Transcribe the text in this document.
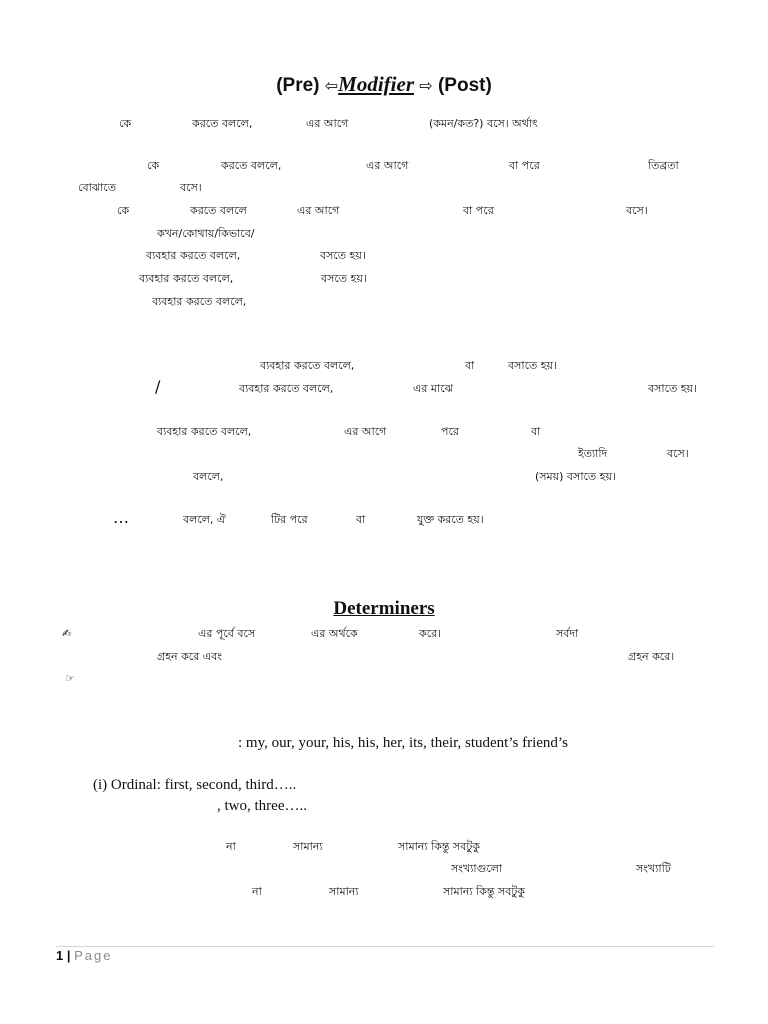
(Pre) ⇦Modifier ⇨ (Post)
কে	করতে বললে,	এর আগে	(কমন/কত?) বসে। অর্থাৎ
কে	করতে বললে,	এর আগে	বা পরে	তিব্রতা
বোঝাতে	বসে।
কে	করতে বললে	এর আগে	বা পরে	বসে।
কখন/কোথায়/কিভাবে/
ব্যবহার করতে বললে,	বসতে হয়।
ব্যবহার করতে বললে,	বসতে হয়।
ব্যবহার করতে বললে,
ব্যবহার করতে বললে,	বা	বসাতে হয়।
/	ব্যবহার করতে বললে,	এর মাঝে	বসাতে হয়।
ব্যবহার করতে বললে,	এর আগে	পরে	বা
ইত্যাদি	বসে।
বললে,	(সময়) বসাতে হয়।
…	বললে, ঐ	টির পরে	বা	যুক্ত করতে হয়।
Determiners
✍	এর পূর্বে বসে	এর অর্থকে	করে।	সর্বদা
গ্রহন করে এবং	গ্রহন করে।
☞
: my, our, your, his, his, her, its, their, student’s friend’s
(i) Ordinal: first, second, third…..
, two, three…..
না	সামান্য	সামান্য কিন্তু সবটুকু
সংখ্যাগুলো	সংখ্যাটি
না	সামান্য	সামান্য কিন্তু সবটুকু
1 | Page
